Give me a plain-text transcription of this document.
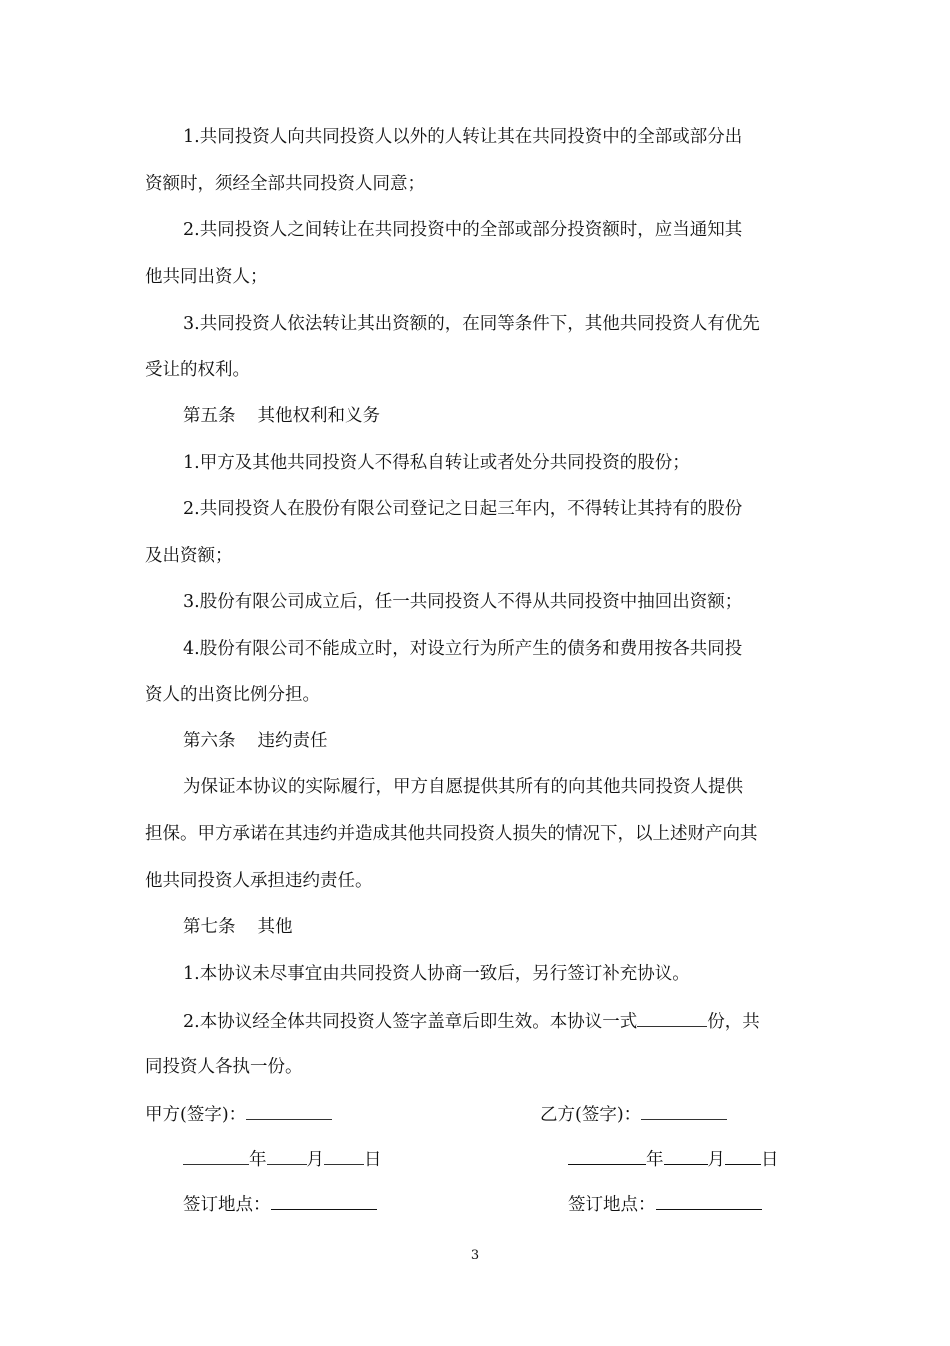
1.共同投资人向共同投资人以外的人转让其在共同投资中的全部或部分出
资额时，须经全部共同投资人同意；
2.共同投资人之间转让在共同投资中的全部或部分投资额时，应当通知其
他共同出资人；
3.共同投资人依法转让其出资额的，在同等条件下，其他共同投资人有优先
受让的权利。
第五条 其他权利和义务
1.甲方及其他共同投资人不得私自转让或者处分共同投资的股份；
2.共同投资人在股份有限公司登记之日起三年内，不得转让其持有的股份
及出资额；
3.股份有限公司成立后，任一共同投资人不得从共同投资中抽回出资额；
4.股份有限公司不能成立时，对设立行为所产生的债务和费用按各共同投
资人的出资比例分担。
第六条 违约责任
为保证本协议的实际履行，甲方自愿提供其所有的向其他共同投资人提供
担保。甲方承诺在其违约并造成其他共同投资人损失的情况下，以上述财产向其
他共同投资人承担违约责任。
第七条 其他
1.本协议未尽事宜由共同投资人协商一致后，另行签订补充协议。
2.本协议经全体共同投资人签字盖章后即生效。本协议一式	份，共
同投资人各执一份。
甲方(签字)：	乙方(签字)：
年 月 日	年	月 日
签订地点：	签订地点：
3
